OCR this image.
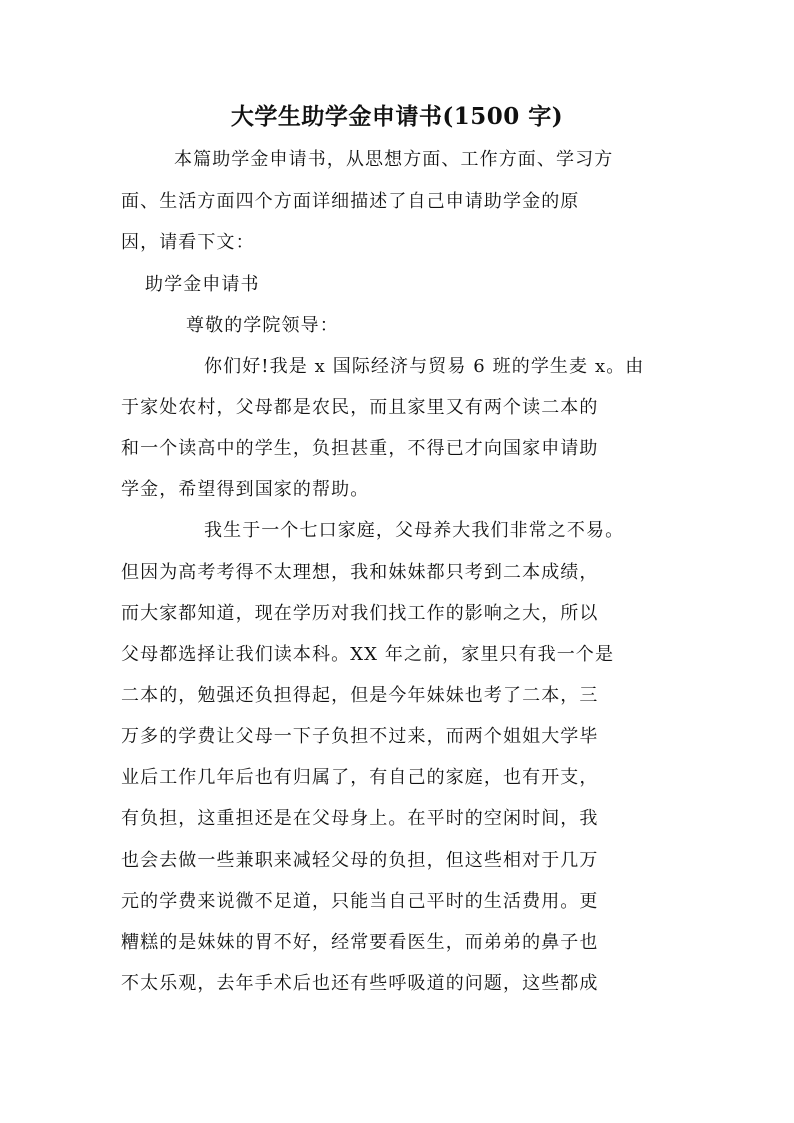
大学生助学金申请书(1500 字)
本篇助学金申请书，从思想方面、工作方面、学习方
面、生活方面四个方面详细描述了自己申请助学金的原
因，请看下文：
助学金申请书
尊敬的学院领导：
你们好!我是 x 国际经济与贸易 6 班的学生麦 x。由
于家处农村，父母都是农民，而且家里又有两个读二本的
和一个读高中的学生，负担甚重，不得已才向国家申请助
学金，希望得到国家的帮助。
我生于一个七口家庭，父母养大我们非常之不易。
但因为高考考得不太理想，我和妹妹都只考到二本成绩，
而大家都知道，现在学历对我们找工作的影响之大，所以
父母都选择让我们读本科。XX 年之前，家里只有我一个是
二本的，勉强还负担得起，但是今年妹妹也考了二本，三
万多的学费让父母一下子负担不过来，而两个姐姐大学毕
业后工作几年后也有归属了，有自己的家庭，也有开支，
有负担，这重担还是在父母身上。在平时的空闲时间，我
也会去做一些兼职来减轻父母的负担，但这些相对于几万
元的学费来说微不足道，只能当自己平时的生活费用。更
糟糕的是妹妹的胃不好，经常要看医生，而弟弟的鼻子也
不太乐观，去年手术后也还有些呼吸道的问题，这些都成
